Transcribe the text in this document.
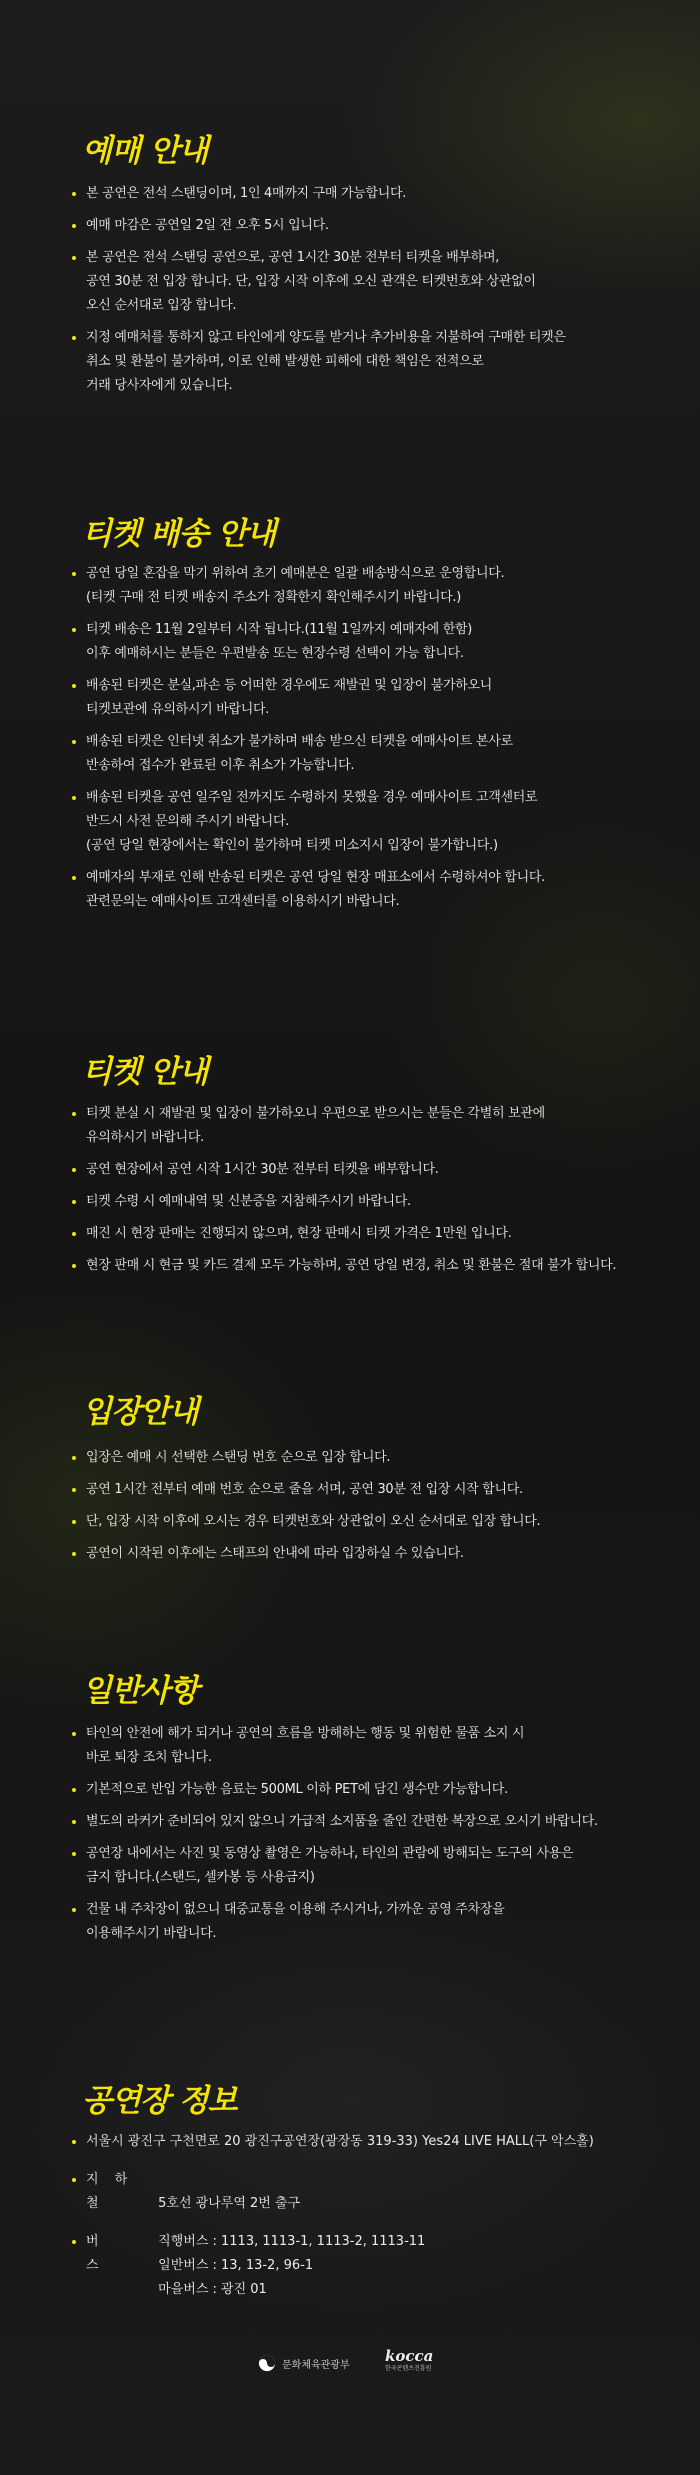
예매 안내
본 공연은 전석 스탠딩이며, 1인 4매까지 구매 가능합니다.
예매 마감은 공연일 2일 전 오후 5시 입니다.
본 공연은 전석 스탠딩 공연으로, 공연 1시간 30분 전부터 티켓을 배부하며,
공연 30분 전 입장 합니다. 단, 입장 시작 이후에 오신 관객은 티켓번호와 상관없이
오신 순서대로 입장 합니다.
지정 예매처를 통하지 않고 타인에게 양도를 받거나 추가비용을 지불하여 구매한 티켓은
취소 및 환불이 불가하며, 이로 인해 발생한 피해에 대한 책임은 전적으로
거래 당사자에게 있습니다.
티켓 배송 안내
공연 당일 혼잡을 막기 위하여 초기 예매분은 일괄 배송방식으로 운영합니다.
(티켓 구매 전 티켓 배송지 주소가 정확한지 확인해주시기 바랍니다.)
티켓 배송은 11월 2일부터 시작 됩니다.(11월 1일까지 예매자에 한함)
이후 예매하시는 분들은 우편발송 또는 현장수령 선택이 가능 합니다.
배송된 티켓은 분실,파손 등 어떠한 경우에도 재발권 및 입장이 불가하오니
티켓보관에 유의하시기 바랍니다.
배송된 티켓은 인터넷 취소가 불가하며 배송 받으신 티켓을 예매사이트 본사로
반송하여 접수가 완료된 이후 취소가 가능합니다.
배송된 티켓을 공연 일주일 전까지도 수령하지 못했을 경우 예매사이트 고객센터로
반드시 사전 문의해 주시기 바랍니다.
(공연 당일 현장에서는 확인이 불가하며 티켓 미소지시 입장이 불가합니다.)
예매자의 부재로 인해 반송된 티켓은 공연 당일 현장 매표소에서 수령하셔야 합니다.
관련문의는 예매사이트 고객센터를 이용하시기 바랍니다.
티켓 안내
티켓 분실 시 재발권 및 입장이 불가하오니 우편으로 받으시는 분들은 각별히 보관에
유의하시기 바랍니다.
공연 현장에서 공연 시작 1시간 30분 전부터 티켓을 배부합니다.
티켓 수령 시 예매내역 및 신분증을 지참해주시기 바랍니다.
매진 시 현장 판매는 진행되지 않으며, 현장 판매시 티켓 가격은 1만원 입니다.
현장 판매 시 현금 및 카드 결제 모두 가능하며, 공연 당일 변경, 취소 및 환불은 절대 불가 합니다.
입장안내
입장은 예매 시 선택한 스탠딩 번호 순으로 입장 합니다.
공연 1시간 전부터 예매 번호 순으로 줄을 서며, 공연 30분 전 입장 시작 합니다.
단, 입장 시작 이후에 오시는 경우 티켓번호와 상관없이 오신 순서대로 입장 합니다.
공연이 시작된 이후에는 스태프의 안내에 따라 입장하실 수 있습니다.
일반사항
타인의 안전에 해가 되거나 공연의 흐름을 방해하는 행동 및 위험한 물품 소지 시
바로 퇴장 조치 합니다.
기본적으로 반입 가능한 음료는 500ML 이하 PET에 담긴 생수만 가능합니다.
별도의 라커가 준비되어 있지 않으니 가급적 소지품을 줄인 간편한 복장으로 오시기 바랍니다.
공연장 내에서는 사진 및 동영상 촬영은 가능하나, 타인의 관람에 방해되는 도구의 사용은
금지 합니다.(스탠드, 셀카봉 등 사용금지)
건물 내 주차장이 없으니 대중교통을 이용해 주시거나, 가까운 공영 주차장을
이용해주시기 바랍니다.
공연장 정보
서울시 광진구 구천면로 20 광진구공연장(광장동 319-33) Yes24 LIVE HALL(구 악스홀)
지 하 철	5호선 광나루역 2번 출구
버 스
직행버스 : 1113, 1113-1, 1113-2, 1113-11
일반버스 : 13, 13-2, 96-1
마을버스 : 광진 01
문화체육관광부 kocca
한국콘텐츠진흥원
